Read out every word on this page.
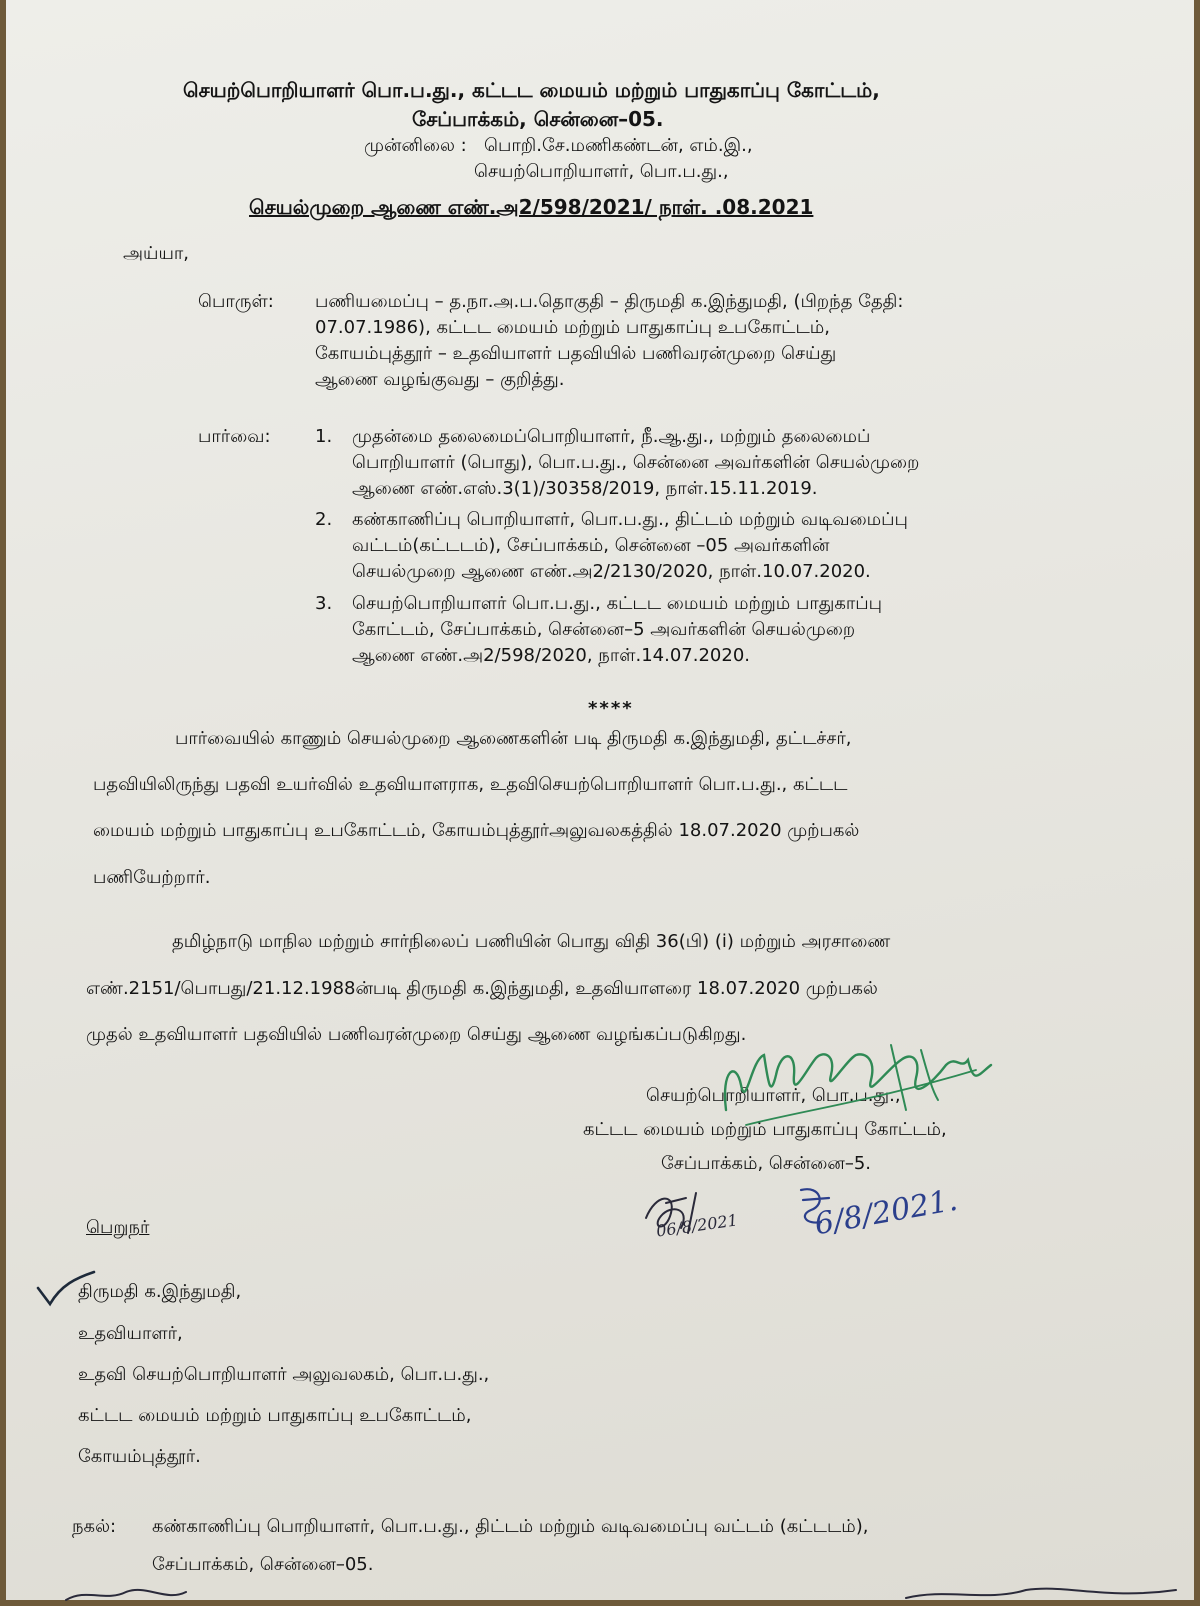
செயற்பொறியாளர் பொ.ப.து., கட்டட மையம் மற்றும் பாதுகாப்பு கோட்டம்,
சேப்பாக்கம், சென்னை–05.
முன்னிலை : பொறி.சே.மணிகண்டன், எம்.இ.,
செயற்பொறியாளர், பொ.ப.து.,
செயல்முறை ஆணை எண்.அ2/598/2021/ நாள். .08.2021
அய்யா,
பொருள்: பணியமைப்பு – த.நா.அ.ப.தொகுதி – திருமதி க.இந்துமதி, (பிறந்த தேதி:
07.07.1986), கட்டட மையம் மற்றும் பாதுகாப்பு உபகோட்டம்,
கோயம்புத்தூர் – உதவியாளர் பதவியில் பணிவரன்முறை செய்து
ஆணை வழங்குவது – குறித்து.
பார்வை: 1. முதன்மை தலைமைப்பொறியாளர், நீ.ஆ.து., மற்றும் தலைமைப்
பொறியாளர் (பொது), பொ.ப.து., சென்னை அவர்களின் செயல்முறை
ஆணை எண்.எஸ்.3(1)/30358/2019, நாள்.15.11.2019.
2. கண்காணிப்பு பொறியாளர், பொ.ப.து., திட்டம் மற்றும் வடிவமைப்பு
வட்டம்(கட்டடம்), சேப்பாக்கம், சென்னை –05 அவர்களின்
செயல்முறை ஆணை எண்.அ2/2130/2020, நாள்.10.07.2020.
3. செயற்பொறியாளர் பொ.ப.து., கட்டட மையம் மற்றும் பாதுகாப்பு
கோட்டம், சேப்பாக்கம், சென்னை–5 அவர்களின் செயல்முறை
ஆணை எண்.அ2/598/2020, நாள்.14.07.2020.
****
பார்வையில் காணும் செயல்முறை ஆணைகளின் படி திருமதி க.இந்துமதி, தட்டச்சர்,
பதவியிலிருந்து பதவி உயர்வில் உதவியாளராக, உதவிசெயற்பொறியாளர் பொ.ப.து., கட்டட
மையம் மற்றும் பாதுகாப்பு உபகோட்டம், கோயம்புத்தூர்அலுவலகத்தில் 18.07.2020 முற்பகல்
பணியேற்றார்.
தமிழ்நாடு மாநில மற்றும் சார்நிலைப் பணியின் பொது விதி 36(பி) (i) மற்றும் அரசாணை
எண்.2151/பொபது/21.12.1988ன்படி திருமதி க.இந்துமதி, உதவியாளரை 18.07.2020 முற்பகல்
முதல் உதவியாளர் பதவியில் பணிவரன்முறை செய்து ஆணை வழங்கப்படுகிறது.
செயற்பொறியாளர், பொ.ப.து.,
கட்டட மையம் மற்றும் பாதுகாப்பு கோட்டம்,
சேப்பாக்கம், சென்னை–5.
06/8/2021 6/8/2021.
பெறுநர்
திருமதி க.இந்துமதி,
உதவியாளர்,
உதவி செயற்பொறியாளர் அலுவலகம், பொ.ப.து.,
கட்டட மையம் மற்றும் பாதுகாப்பு உபகோட்டம்,
கோயம்புத்தூர்.
நகல்: கண்காணிப்பு பொறியாளர், பொ.ப.து., திட்டம் மற்றும் வடிவமைப்பு வட்டம் (கட்டடம்),
சேப்பாக்கம், சென்னை–05.
